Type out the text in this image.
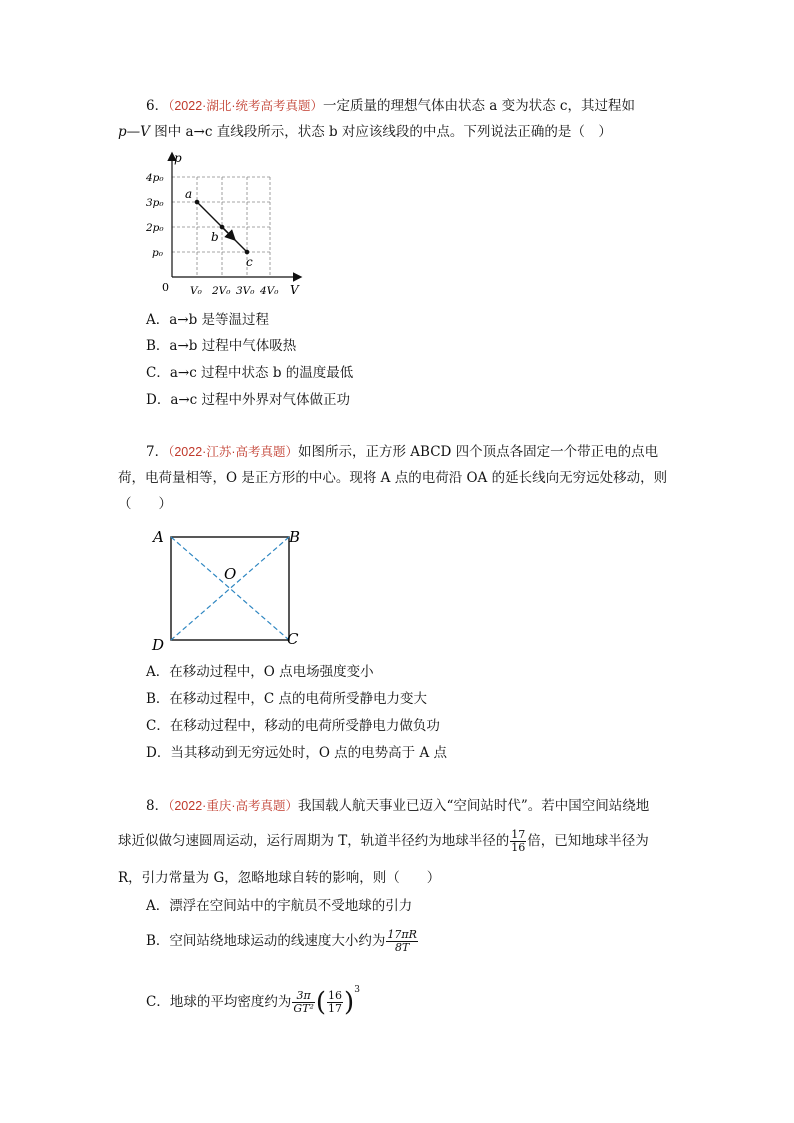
6．（2022·湖北·统考高考真题）一定质量的理想气体由状态 a 变为状态 c，其过程如
p—V 图中 a→c 直线段所示，状态 b 对应该线段的中点。下列说法正确的是（　）
p
V
0
4p₀
3p₀
2p₀
p₀
V₀ 2V₀ 3V₀ 4V₀
a
b
c
A．a→b 是等温过程
B．a→b 过程中气体吸热
C．a→c 过程中状态 b 的温度最低
D．a→c 过程中外界对气体做正功
7．（2022·江苏·高考真题）如图所示，正方形 ABCD 四个顶点各固定一个带正电的点电
荷，电荷量相等，O 是正方形的中心。现将 A 点的电荷沿 OA 的延长线向无穷远处移动，则
（　　）
A	B
C
D
O
A．在移动过程中，O 点电场强度变小
B．在移动过程中，C 点的电荷所受静电力变大
C．在移动过程中，移动的电荷所受静电力做负功
D．当其移动到无穷远处时，O 点的电势高于 A 点
8．（2022·重庆·高考真题）我国载人航天事业已迈入“空间站时代”。若中国空间站绕地
球近似做匀速圆周运动，运行周期为 T，轨道半径约为地球半径的 $\frac{17}{16}$ 倍，已知地球半径为
R，引力常量为 G，忽略地球自转的影响，则（　　）
A．漂浮在空间站中的宇航员不受地球的引力
B．空间站绕地球运动的线速度大小约为 $\frac{17\pi R}{8T}$
C．地球的平均密度约为 $\frac{3\pi}{\text{GT²}}$ ( $\frac{16}{17} )^3$
